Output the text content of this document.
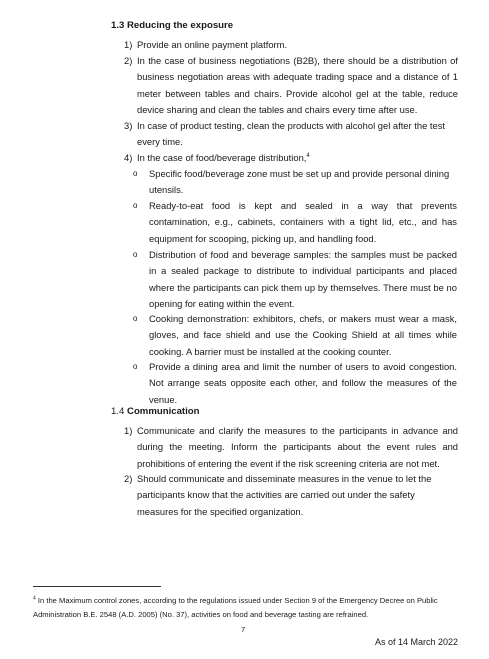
1.3 Reducing the exposure
1) Provide an online payment platform.
2) In the case of business negotiations (B2B), there should be a distribution of business negotiation areas with adequate trading space and a distance of 1 meter between tables and chairs. Provide alcohol gel at the table, reduce device sharing and clean the tables and chairs every time after use.
3) In case of product testing, clean the products with alcohol gel after the test every time.
4) In the case of food/beverage distribution,$^4$
o Specific food/beverage zone must be set up and provide personal dining utensils.
o Ready-to-eat food is kept and sealed in a way that prevents contamination, e.g., cabinets, containers with a tight lid, etc., and has equipment for scooping, picking up, and handling food.
o Distribution of food and beverage samples: the samples must be packed in a sealed package to distribute to individual participants and placed where the participants can pick them up by themselves. There must be no opening for eating within the event.
o Cooking demonstration: exhibitors, chefs, or makers must wear a mask, gloves, and face shield and use the Cooking Shield at all times while cooking. A barrier must be installed at the cooking counter.
o Provide a dining area and limit the number of users to avoid congestion. Not arrange seats opposite each other, and follow the measures of the venue.
1.4 Communication
1) Communicate and clarify the measures to the participants in advance and during the meeting. Inform the participants about the event rules and prohibitions of entering the event if the risk screening criteria are not met.
2) Should communicate and disseminate measures in the venue to let the participants know that the activities are carried out under the safety measures for the specified organization.
$^4$ In the Maximum control zones, according to the regulations issued under Section 9 of the Emergency Decree on Public Administration B.E. 2548 (A.D. 2005) (No. 37), activities on food and beverage tasting are refrained.
7
As of 14 March 2022
